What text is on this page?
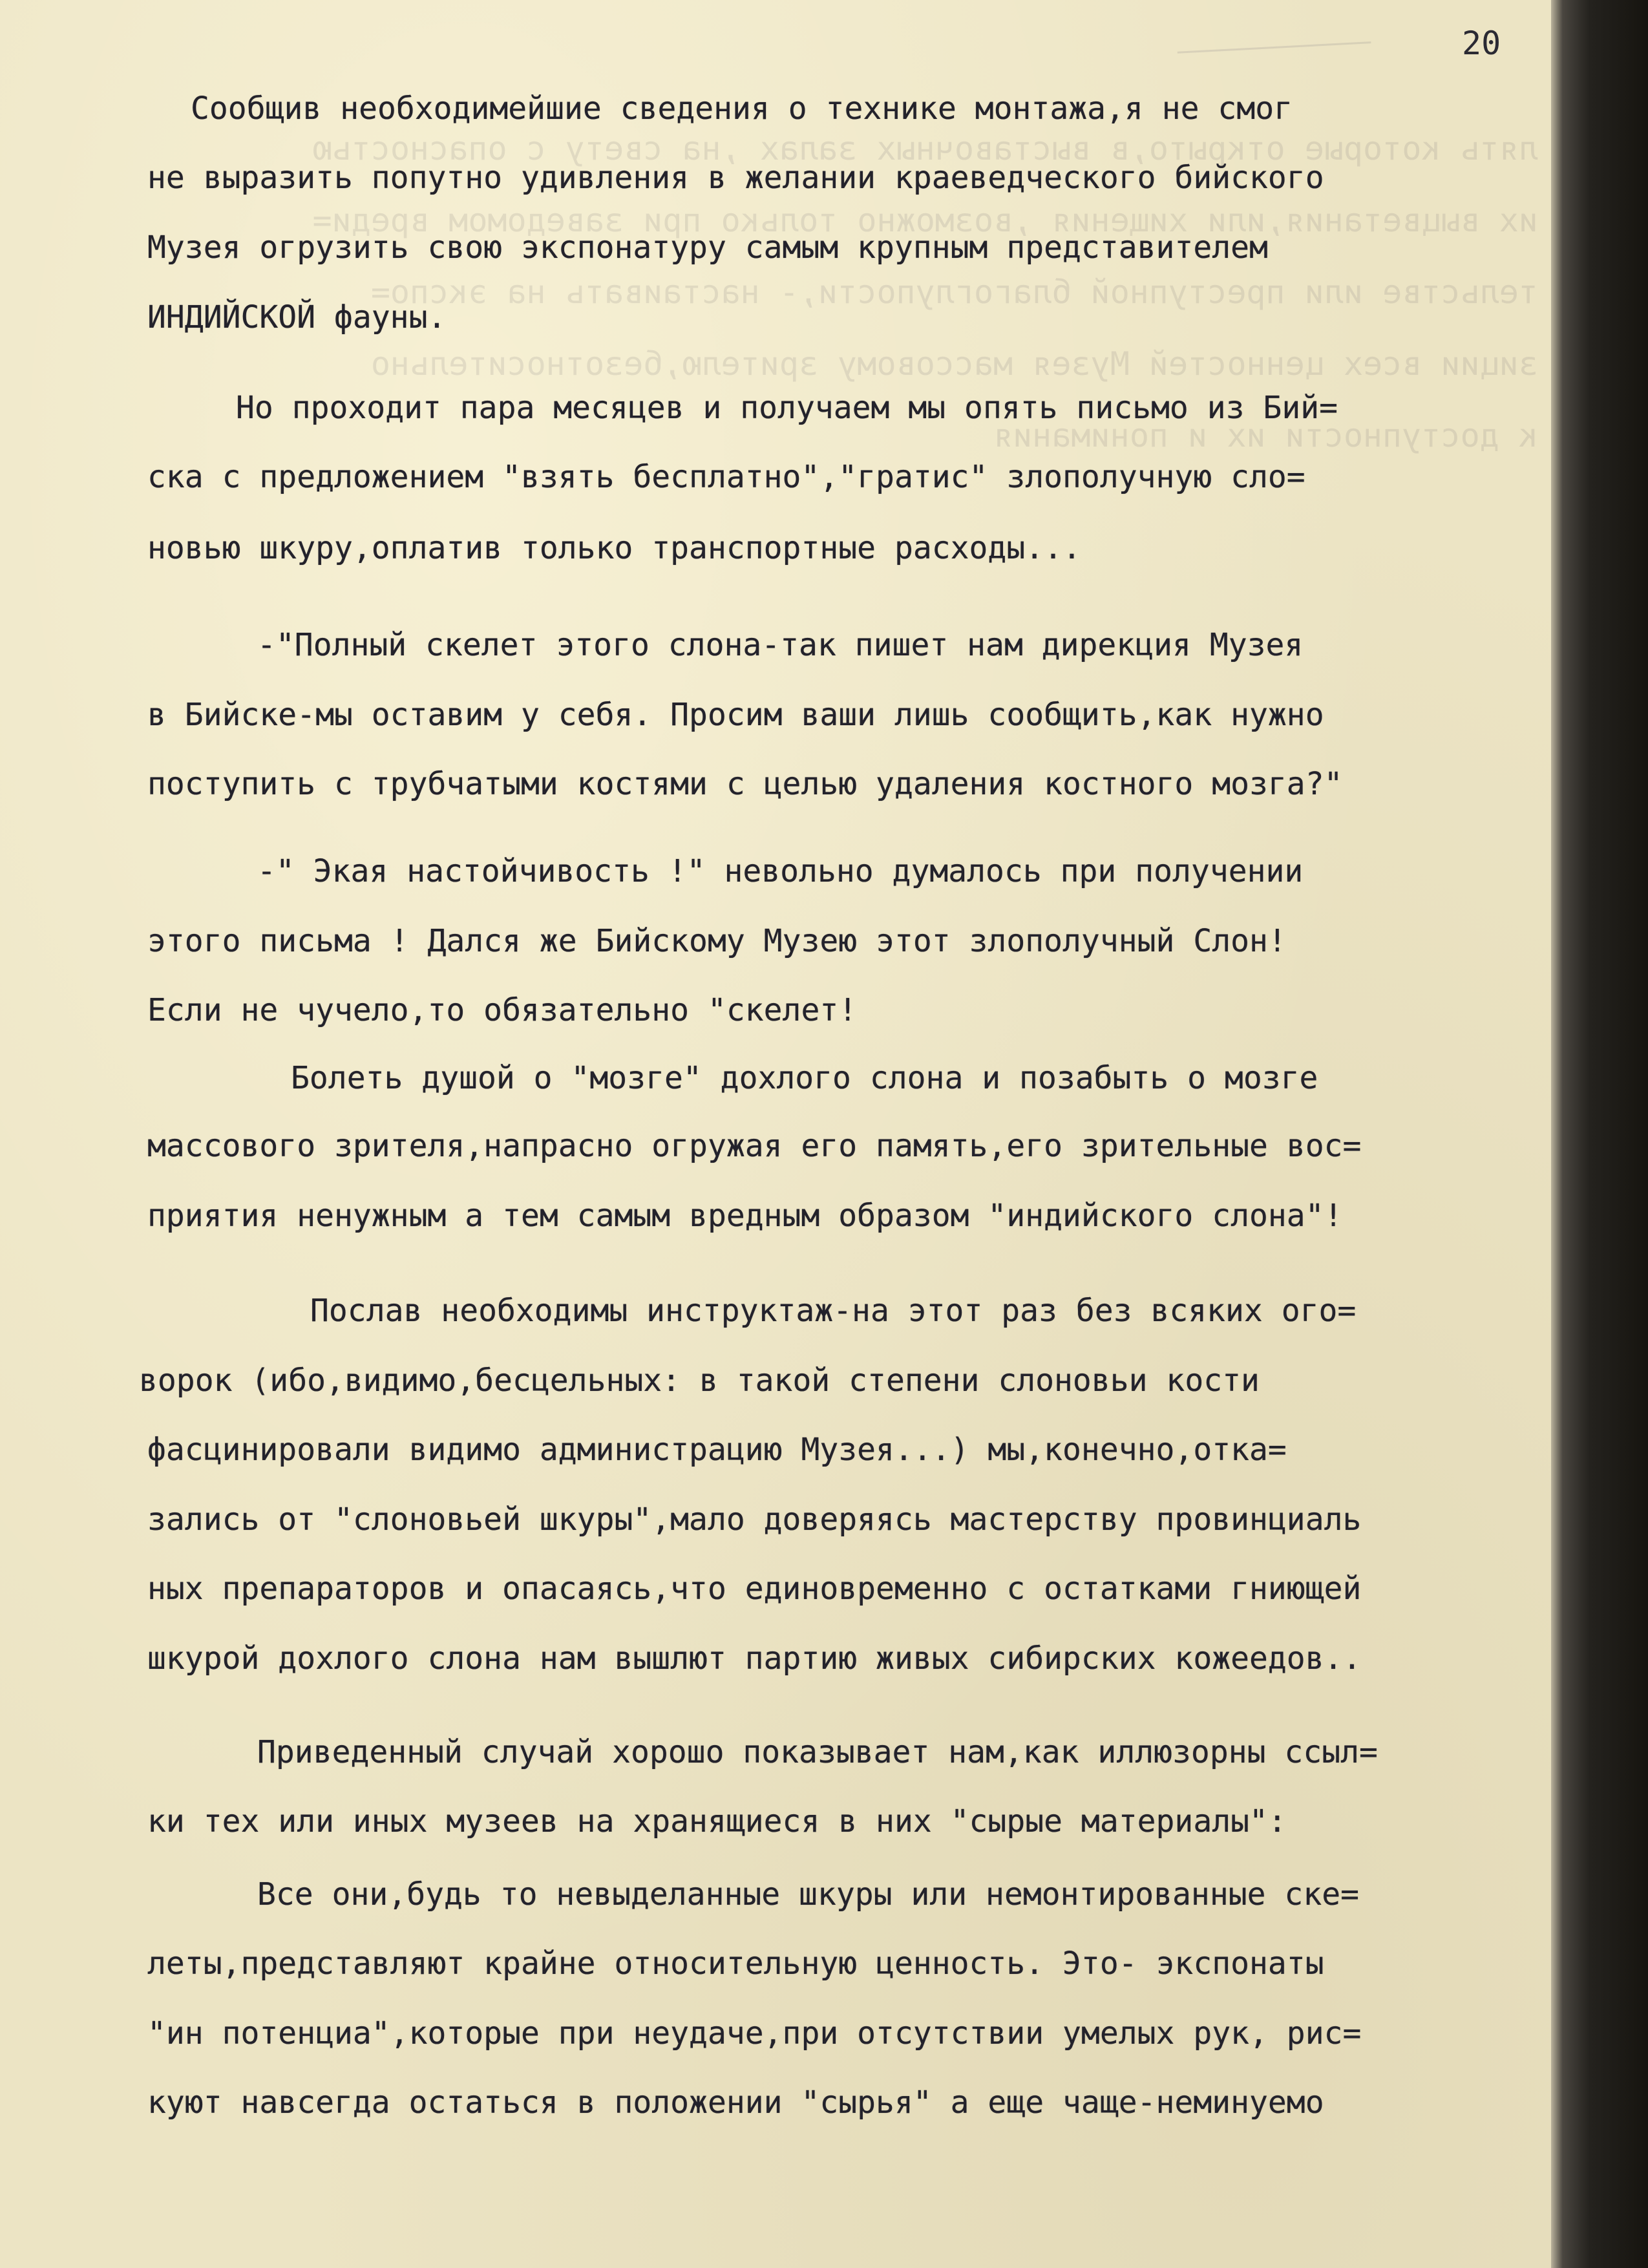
лять которые открыто,в выставочных залах ,на свету с опасностью
их выцветания,или хищения ,возможно только при заведомом вреди=
тельстве или преступной благоглупости,- настаивать на экспо=
зиции всех ценностей Музея массовому зрителю,безотносительно
к доступности их и понимания

20
Сообщив необходимейшие сведения о технике монтажа,я не смог
не выразить попутно удивления в желании краеведческого бийского
Музея огрузить свою экспонатуру самым крупным представителем
ИНДИЙСКОЙ фауны.
Но проходит пара месяцев и получаем мы опять письмо из Бий=
ска с предложением "взять бесплатно","гратис" злополучную сло=
новью шкуру,оплатив только транспортные расходы...
-"Полный скелет этого слона-так пишет нам дирекция Музея
в Бийске-мы оставим у себя. Просим ваши лишь сообщить,как нужно
поступить с трубчатыми костями с целью удаления костного мозга?"
-" Экая настойчивость !" невольно думалось при получении
этого письма ! Дался же Бийскому Музею этот злополучный Слон!
Если не чучело,то обязательно "скелет!
Болеть душой о "мозге" дохлого слона и позабыть о мозге
массового зрителя,напрасно огружая его память,его зрительные вос=
приятия ненужным а тем самым вредным образом "индийского слона"!
Послав необходимы инструктаж-на этот раз без всяких ого=
ворок (ибо,видимо,бесцельных: в такой степени слоновьи кости
фасцинировали видимо администрацию Музея...) мы,конечно,отка=
зались от "слоновьей шкуры",мало доверяясь мастерству провинциаль
ных препараторов и опасаясь,что единовременно с остатками гниющей
шкурой дохлого слона нам вышлют партию живых сибирских кожеедов..
Приведенный случай хорошо показывает нам,как иллюзорны ссыл=
ки тех или иных музеев на хранящиеся в них "сырые материалы":
Все они,будь то невыделанные шкуры или немонтированные ске=
леты,представляют крайне относительную ценность. Это- экспонаты
"ин потенциа",которые при неудаче,при отсутствии умелых рук, рис=
куют навсегда остаться в положении "сырья" а еще чаще-неминуемо
